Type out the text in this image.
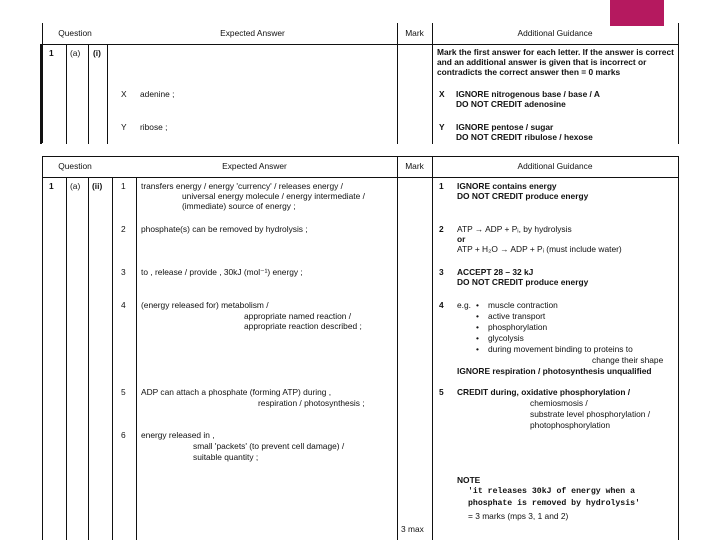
Question	Expected Answer	Mark	Additional Guidance
1 (a) (i)	Mark the first answer for each letter. If the answer is correct
and an additional answer is given that is incorrect or
contradicts the correct answer then = 0 marks
X adenine ;	X IGNORE nitrogenous base / base / A
DO NOT CREDIT adenosine
Y ribose ;	Y IGNORE pentose / sugar
DO NOT CREDIT ribulose / hexose
Question	Expected Answer	Mark	Additional Guidance
1 (a) (ii) 1 transfers energy / energy 'currency' / releases energy /
universal energy molecule / energy intermediate /
(immediate) source of energy ;
2 phosphate(s) can be removed by hydrolysis ;
3 to , release / provide , 30kJ (mol⁻¹) energy ;
4 (energy released for) metabolism /
appropriate named reaction /
appropriate reaction described ;
5 ADP can attach a phosphate (forming ATP) during ,
respiration / photosynthesis ;
6 energy released in ,
small 'packets' (to prevent cell damage) /
suitable quantity ;
3 max
1 IGNORE contains energy
DO NOT CREDIT produce energy
2 ATP → ADP + Pᵢ, by hydrolysis
or
ATP + H₂O → ADP + Pᵢ (must include water)
3 ACCEPT 28 – 32 kJ
DO NOT CREDIT produce energy
4 e.g.
• muscle contraction
• active transport
• phosphorylation
• glycolysis
• during movement binding to proteins to
change their shape
IGNORE respiration / photosynthesis unqualified
5 CREDIT during, oxidative phosphorylation /
chemiosmosis /
substrate level phosphorylation /
photophosphorylation
NOTE
'it releases 30kJ of energy when a
phosphate is removed by hydrolysis'
= 3 marks (mps 3, 1 and 2)
